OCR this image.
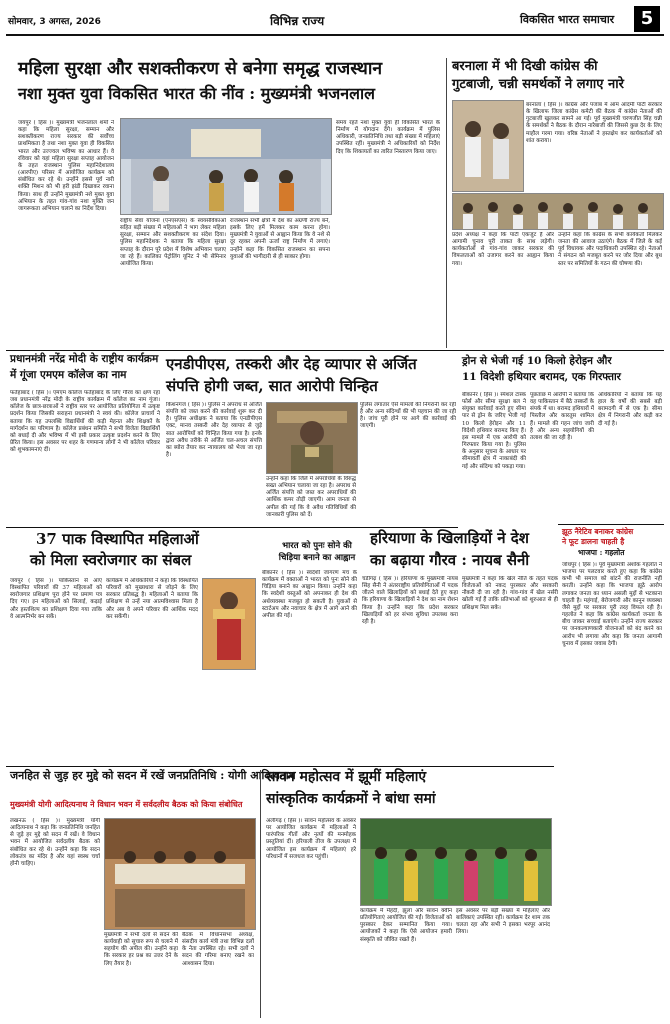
सोमवार, 3 अगस्त, 2026	विभिन्न राज्य	विकसित भारत समाचार	5
महिला सुरक्षा और सशक्तीकरण से बनेगा समृद्ध राजस्थान
नशा मुक्त युवा विकसित भारत की नींव : मुख्यमंत्री भजनलाल
जयपुर ( हिंस )। मुख्यमंत्री भजनलाल शर्मा ने कहा कि महिला सुरक्षा, सम्मान और सशक्तीकरण राज्य सरकार की सर्वोच्च प्राथमिकता है तथा नशा मुक्त युवा ही विकसित भारत और उज्ज्वल भविष्य का आधार हैं। वे रविवार को यहां महिला सुरक्षा सप्ताह आयोजन के तहत राजस्थान पुलिस महानिदेशालय (आरपीए) परिसर में आयोजित कार्यक्रम को संबोधित कर रहे थे। उन्होंने इससे पूर्व नारी शक्ति मिशन को भी हरी झंडी दिखाकर रवाना किया। साथ ही उन्होंने मुख्यमंत्री नशे मुक्त युवा अभियान के तहत गांव-गांव नशा मुक्ति जन जागरूकता अभियान चलाने का निर्देश दिया।
राष्ट्रीय सेवा योजना (एनएसएस) के स्वयंसेविकाओं सहित बड़ी संख्या में महिलाओं ने भाग लेकर महिला सुरक्षा, सम्मान और सशक्तीकरण का संदेश दिया। पुलिस महानिदेशक ने बताया कि महिला सुरक्षा सप्ताह के दौरान पूरे प्रदेश में विशेष अभियान चलाए जा रहे हैं। कालिका पेट्रोलिंग यूनिट ने भी सेमिनार आयोजित किया।
राजस्थान सभी क्षेत्रों में देश का अग्रणी राज्य बने, इसके लिए हमें मिलकर काम करना होगा। मुख्यमंत्री ने युवाओं से आह्वान किया कि वे नशे से दूर रहकर अपनी ऊर्जा राष्ट्र निर्माण में लगाएं। उन्होंने कहा कि विकसित राजस्थान का सपना युवाओं की भागीदारी से ही साकार होगा।
समय रहते नशा मुक्त युवा ही विकसित भारत के निर्माण में योगदान देंगे। कार्यक्रम में पुलिस अधिकारी, जनप्रतिनिधि तथा बड़ी संख्या में महिलाएं उपस्थित रहीं। मुख्यमंत्री ने अधिकारियों को निर्देश दिए कि शिकायतों का त्वरित निस्तारण किया जाए।
बरनाला में भी दिखी कांग्रेस की
गुटबाजी, चन्नी समर्थकों ने लगाए नारे
बरनाला ( हिंस )। कांग्रेस और पंजाब में आम आदमी पार्टी सरकार के खिलाफ जिला कांग्रेस कमेटी की बैठक में कांग्रेस नेताओं की गुटबाजी खुलकर सामने आ गई। पूर्व मुख्यमंत्री चरणजीत सिंह चन्नी के समर्थकों ने बैठक के दौरान नारेबाजी की जिससे कुछ देर के लिए माहौल गरमा गया। वरिष्ठ नेताओं ने हस्तक्षेप कर कार्यकर्ताओं को शांत कराया।
प्रदेश अध्यक्ष ने कहा कि पार्टी एकजुट है और आगामी चुनाव पूरी ताकत के साथ लड़ेगी। कार्यकर्ताओं से गांव-गांव जाकर सरकार की विफलताओं को उजागर करने का आह्वान किया गया।
उन्होंने कहा कि कांग्रेस के सभी कार्यकर्ता मिलकर जनता की आवाज उठाएंगे। बैठक में जिले के कई पूर्व विधायक और पदाधिकारी उपस्थित रहे। नेताओं ने संगठन को मजबूत करने पर जोर दिया और बूथ स्तर पर समितियों के गठन की घोषणा की।
प्रधानमंत्री नरेंद्र मोदी के राष्ट्रीय कार्यक्रम
में गूंजा एमएम कॉलेज का नाम
फतेहाबाद ( हिंस )। एमएम कॉलेज फतेहाबाद के लिए गौरव का क्षण रहा जब प्रधानमंत्री नरेंद्र मोदी के राष्ट्रीय कार्यक्रम में कॉलेज का नाम गूंजा। कॉलेज के छात्र-छात्राओं ने राष्ट्रीय स्तर पर आयोजित प्रतियोगिता में उत्कृष्ट प्रदर्शन किया जिसकी सराहना प्रधानमंत्री ने स्वयं की। कॉलेज प्राचार्य ने बताया कि यह उपलब्धि विद्यार्थियों की कड़ी मेहनत और शिक्षकों के मार्गदर्शन का परिणाम है। कॉलेज प्रबंधन समिति ने सभी विजेता विद्यार्थियों को बधाई दी और भविष्य में भी इसी प्रकार उत्कृष्ट प्रदर्शन करने के लिए प्रेरित किया। इस अवसर पर शहर के गणमान्य लोगों ने भी कॉलेज परिवार को शुभकामनाएं दीं।
एनडीपीएस, तस्करी और देह व्यापार से अर्जित
संपत्ति होगी जब्त, सात आरोपी चिन्हित
किशनगंज ( हिंस )। पुलिस ने अपराध से अर्जित संपत्ति को जब्त करने की कार्रवाई शुरू कर दी है। पुलिस अधीक्षक ने बताया कि एनडीपीएस एक्ट, मानव तस्करी और देह व्यापार से जुड़े सात आरोपियों को चिन्हित किया गया है। इनके द्वारा अवैध तरीके से अर्जित चल-अचल संपत्ति का ब्योरा तैयार कर न्यायालय को भेजा जा रहा है।
उन्होंने कहा कि जिले में अपराधियों के विरुद्ध सख्त अभियान चलाया जा रहा है। अपराध से अर्जित संपत्ति को जब्त कर अपराधियों की आर्थिक कमर तोड़ी जाएगी। आम जनता से अपील की गई कि वे अवैध गतिविधियों की जानकारी पुलिस को दें।
पुलिस लगातार ऐसे मामलों की निगरानी कर रही है और अन्य संदिग्धों की भी पहचान की जा रही है। जांच पूरी होने पर आगे की कार्रवाई की जाएगी।
ड्रोन से भेजी गई 10 किलो हेरोइन और
11 विदेशी हथियार बरामद, एक गिरफ्तार
बीकानेर ( हिंस )। स्पेशल टास्क फोर्स और सीमा सुरक्षा बल ने संयुक्त कार्रवाई करते हुए सीमा पार से ड्रोन के जरिए भेजी गई 10 किलो हेरोइन और 11 विदेशी हथियार बरामद किए हैं। इस मामले में एक आरोपी को गिरफ्तार किया गया है। पुलिस के अनुसार सूचना के आधार पर सीमावर्ती क्षेत्र में नाकाबंदी की गई और संदिग्ध को पकड़ा गया।
पूछताछ में आरोपी ने बताया कि वह पाकिस्तान में बैठे तस्करों के संपर्क में था। बरामद हथियारों में पिस्तौल और कारतूस शामिल हैं। मामले की गहन जांच जारी है और अन्य सहयोगियों की तलाश की जा रही है।
अधिकारियों ने बताया कि यह हाल के वर्षों की सबसे बड़ी बरामदगी में से एक है। सीमा क्षेत्र में निगरानी और कड़ी कर दी गई है।
37 पाक विस्थापित महिलाओं
को मिला स्वरोजगार का संबल
जयपुर ( हिंस )। पाकिस्तान से आए विस्थापित परिवारों की 37 महिलाओं को स्वरोजगार प्रशिक्षण पूरा होने पर प्रमाण पत्र दिए गए। इन महिलाओं को सिलाई, कढ़ाई और हस्तशिल्प का प्रशिक्षण दिया गया ताकि वे आत्मनिर्भर बन सकें।
कार्यक्रम में अधिकारियों ने कहा कि विस्थापित परिवारों को मुख्यधारा से जोड़ने के लिए सरकार प्रतिबद्ध है। महिलाओं ने बताया कि प्रशिक्षण से उन्हें नया आत्मविश्वास मिला है और अब वे अपने परिवार की आर्थिक मदद कर सकेंगी।
भारत को पुनः सोने की
चिड़िया बनाने का आह्वान
बीकानेर ( हिंस )। स्वदेशी जागरण मंच के कार्यक्रम में वक्ताओं ने भारत को पुनः सोने की चिड़िया बनाने का आह्वान किया। उन्होंने कहा कि स्वदेशी वस्तुओं को अपनाकर ही देश की अर्थव्यवस्था मजबूत हो सकती है। युवाओं से स्टार्टअप और नवाचार के क्षेत्र में आगे आने की अपील की गई।
हरियाणा के खिलाड़ियों ने देश
का बढ़ाया गौरव : नायब सैनी
चंडीगढ़ ( हिंस )। हरियाणा के मुख्यमंत्री नायब सिंह सैनी ने अंतरराष्ट्रीय प्रतियोगिताओं में पदक जीतने वाले खिलाड़ियों को बधाई देते हुए कहा कि हरियाणा के खिलाड़ियों ने देश का नाम रोशन किया है। उन्होंने कहा कि प्रदेश सरकार खिलाड़ियों को हर संभव सुविधा उपलब्ध करा रही है।
मुख्यमंत्री ने कहा कि खेल नीति के तहत पदक विजेताओं को नकद पुरस्कार और सरकारी नौकरी दी जा रही है। गांव-गांव में खेल नर्सरी खोली गई हैं ताकि प्रतिभाओं को शुरुआत से ही प्रशिक्षण मिल सके।
झूठ नैरेटिव बनाकर कांग्रेस
ने फूट डालना चाहती है
भाजपा : गहलोत
जोधपुर ( हिंस )। पूर्व मुख्यमंत्री अशोक गहलोत ने भाजपा पर पलटवार करते हुए कहा कि कांग्रेस कभी भी समाज को बांटने की राजनीति नहीं करती। उन्होंने कहा कि भाजपा झूठे आरोप लगाकर जनता का ध्यान असली मुद्दों से भटकाना चाहती है। महंगाई, बेरोजगारी और कानून व्यवस्था जैसे मुद्दों पर सरकार पूरी तरह विफल रही है। गहलोत ने कहा कि कांग्रेस कार्यकर्ता जनता के बीच जाकर सच्चाई बताएंगे। उन्होंने राज्य सरकार पर जनकल्याणकारी योजनाओं को बंद करने का आरोप भी लगाया और कहा कि जनता आगामी चुनाव में इसका जवाब देगी।
जनहित से जुड़ हर मुद्दे को सदन में रखें जनप्रतिनिधि : योगी आदित्यनाथ
मुख्यमंत्री योगी आदित्यनाथ ने विधान भवन में सर्वदलीय बैठक को किया संबोधित
लखनऊ ( हिंस )। मुख्यमंत्री योगी आदित्यनाथ ने कहा कि जनप्रतिनिधि जनहित से जुड़े हर मुद्दे को सदन में रखें। वे विधान भवन में आयोजित सर्वदलीय बैठक को संबोधित कर रहे थे। उन्होंने कहा कि सदन लोकतंत्र का मंदिर है और यहां स्वस्थ चर्चा होनी चाहिए।
मुख्यमंत्री ने सभी दलों से सदन की कार्यवाही को सुचारु रूप से चलाने में सहयोग की अपील की। उन्होंने कहा कि सरकार हर प्रश्न का उत्तर देने के लिए तैयार है।
बैठक में विधानसभा अध्यक्ष, संसदीय कार्य मंत्री तथा विभिन्न दलों के नेता उपस्थित रहे। सभी दलों ने सदन की गरिमा बनाए रखने का आश्वासन दिया।
सावन महोत्सव में झूमीं महिलाएं
सांस्कृतिक कार्यक्रमों ने बांधा समां
अलीगढ़ ( हिंस )। सावन महोत्सव के अवसर पर आयोजित कार्यक्रम में महिलाओं ने पारंपरिक गीतों और नृत्यों की मनमोहक प्रस्तुतियां दीं। हरियाली तीज के उपलक्ष्य में आयोजित इस कार्यक्रम में महिलाएं हरे परिधानों में सजधज कर पहुंचीं।
कार्यक्रम में मेहंदी, झूला और सावन क्वीन प्रतियोगिताएं आयोजित की गईं। विजेताओं को पुरस्कार देकर सम्मानित किया गया। आयोजकों ने कहा कि ऐसे आयोजन हमारी संस्कृति को जीवित रखते हैं।
इस अवसर पर बड़ी संख्या में महिलाएं और बालिकाएं उपस्थित रहीं। कार्यक्रम देर शाम तक चलता रहा और सभी ने इसका भरपूर आनंद लिया।
